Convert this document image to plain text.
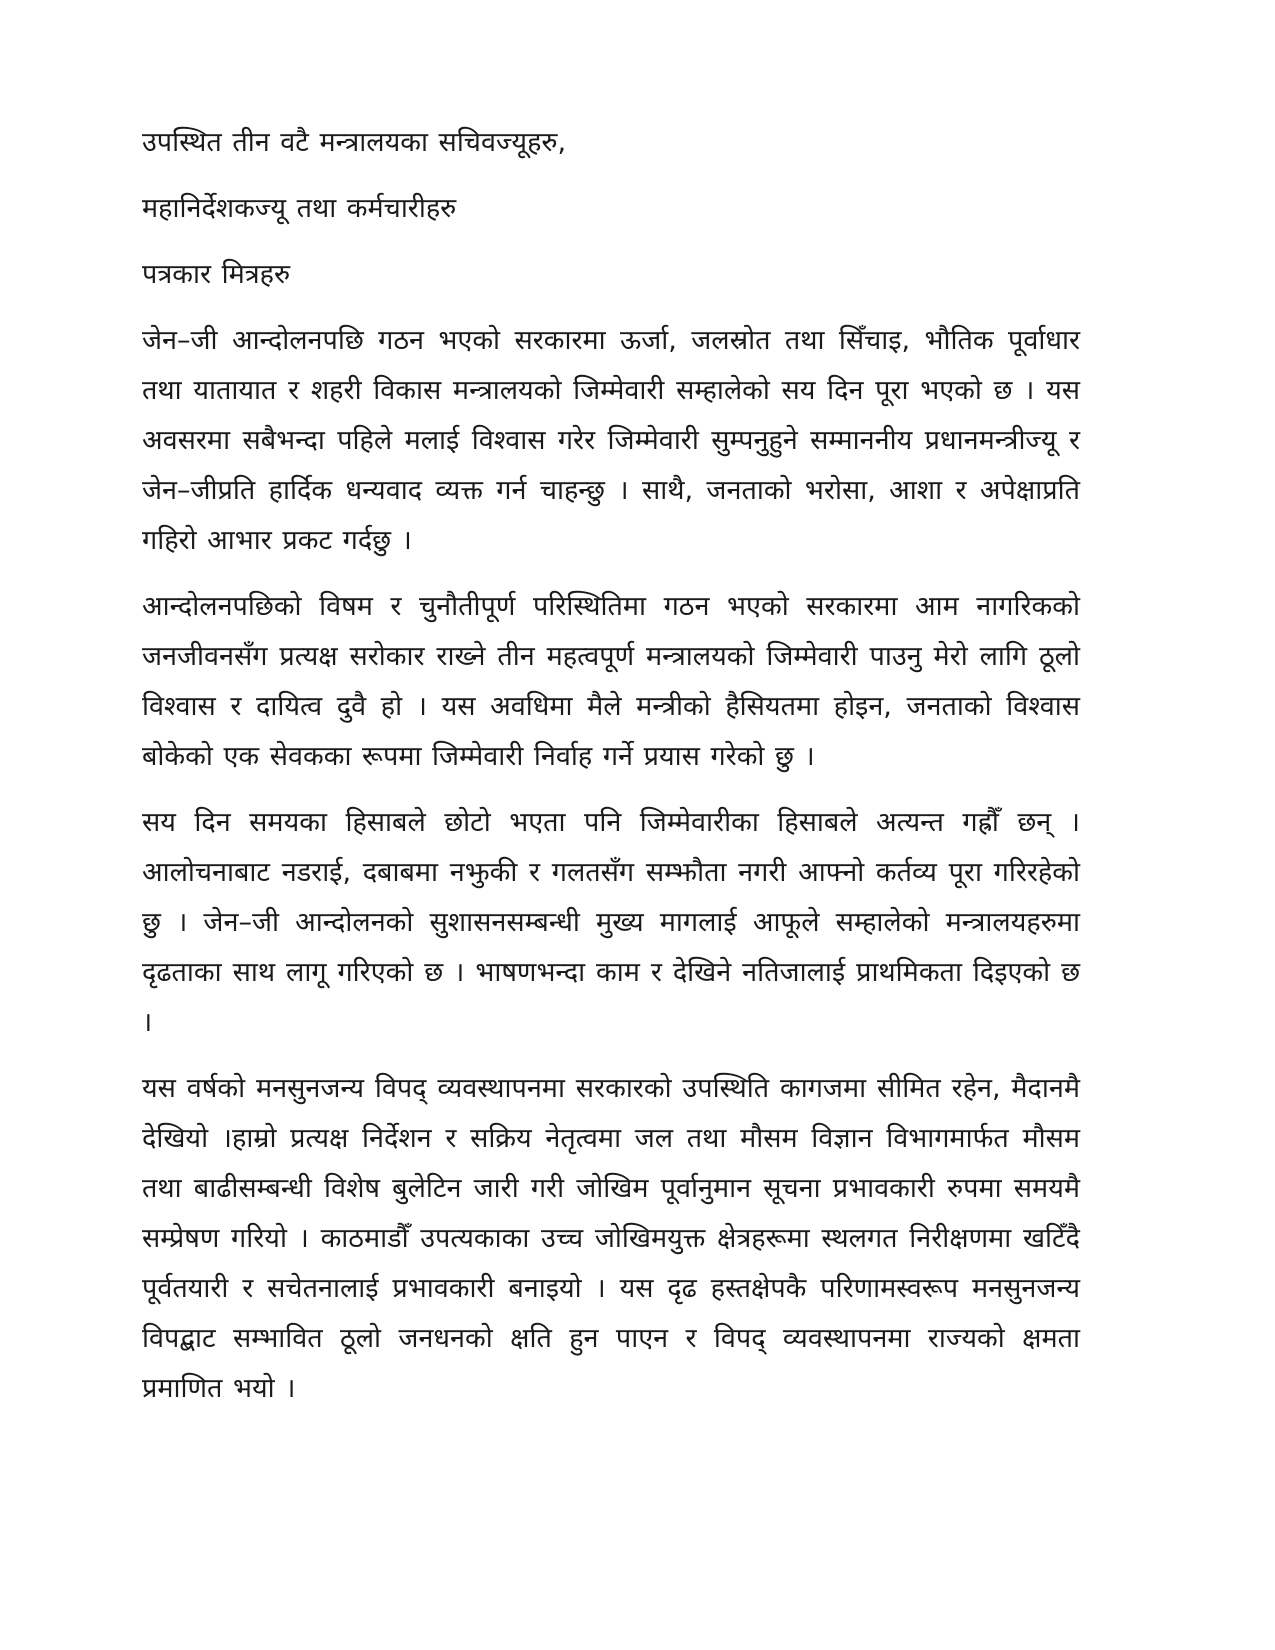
उपस्थित तीन वटै मन्त्रालयका सचिवज्यूहरु,

महानिर्देशकज्यू तथा कर्मचारीहरु

पत्रकार मित्रहरु

जेन–जी आन्दोलनपछि गठन भएको सरकारमा ऊर्जा, जलस्रोत तथा सिँचाइ, भौतिक पूर्वाधार तथा यातायात र शहरी विकास मन्त्रालयको जिम्मेवारी सम्हालेको सय दिन पूरा भएको छ । यस अवसरमा सबैभन्दा पहिले मलाई विश्वास गरेर जिम्मेवारी सुम्पनुहुने सम्माननीय प्रधानमन्त्रीज्यू र जेन–जीप्रति हार्दिक धन्यवाद व्यक्त गर्न चाहन्छु । साथै, जनताको भरोसा, आशा र अपेक्षाप्रति गहिरो आभार प्रकट गर्दछु ।

आन्दोलनपछिको विषम र चुनौतीपूर्ण परिस्थितिमा गठन भएको सरकारमा आम नागरिकको जनजीवनसँग प्रत्यक्ष सरोकार राख्ने तीन महत्वपूर्ण मन्त्रालयको जिम्मेवारी पाउनु मेरो लागि ठूलो विश्वास र दायित्व दुवै हो । यस अवधिमा मैले मन्त्रीको हैसियतमा होइन, जनताको विश्वास बोकेको एक सेवकका रूपमा जिम्मेवारी निर्वाह गर्ने प्रयास गरेको छु ।

सय दिन समयका हिसाबले छोटो भएता पनि जिम्मेवारीका हिसाबले अत्यन्त गह्रौँ छन् । आलोचनाबाट नडराई, दबाबमा नझुकी र गलतसँग सम्झौता नगरी आफ्नो कर्तव्य पूरा गरिरहेको छु । जेन–जी आन्दोलनको सुशासनसम्बन्धी मुख्य मागलाई आफूले सम्हालेको मन्त्रालयहरुमा दृढताका साथ लागू गरिएको छ । भाषणभन्दा काम र देखिने नतिजालाई प्राथमिकता दिइएको छ ।

यस वर्षको मनसुनजन्य विपद् व्यवस्थापनमा सरकारको उपस्थिति कागजमा सीमित रहेन, मैदानमै देखियो ।हाम्रो प्रत्यक्ष निर्देशन र सक्रिय नेतृत्वमा जल तथा मौसम विज्ञान विभागमार्फत मौसम तथा बाढीसम्बन्धी विशेष बुलेटिन जारी गरी जोखिम पूर्वानुमान सूचना प्रभावकारी रुपमा समयमै सम्प्रेषण गरियो । काठमाडौँ उपत्यकाका उच्च जोखिमयुक्त क्षेत्रहरूमा स्थलगत निरीक्षणमा खटिँदै पूर्वतयारी र सचेतनालाई प्रभावकारी बनाइयो । यस दृढ हस्तक्षेपकै परिणामस्वरूप मनसुनजन्य विपद्बाट सम्भावित ठूलो जनधनको क्षति हुन पाएन र विपद् व्यवस्थापनमा राज्यको क्षमता प्रमाणित भयो ।
